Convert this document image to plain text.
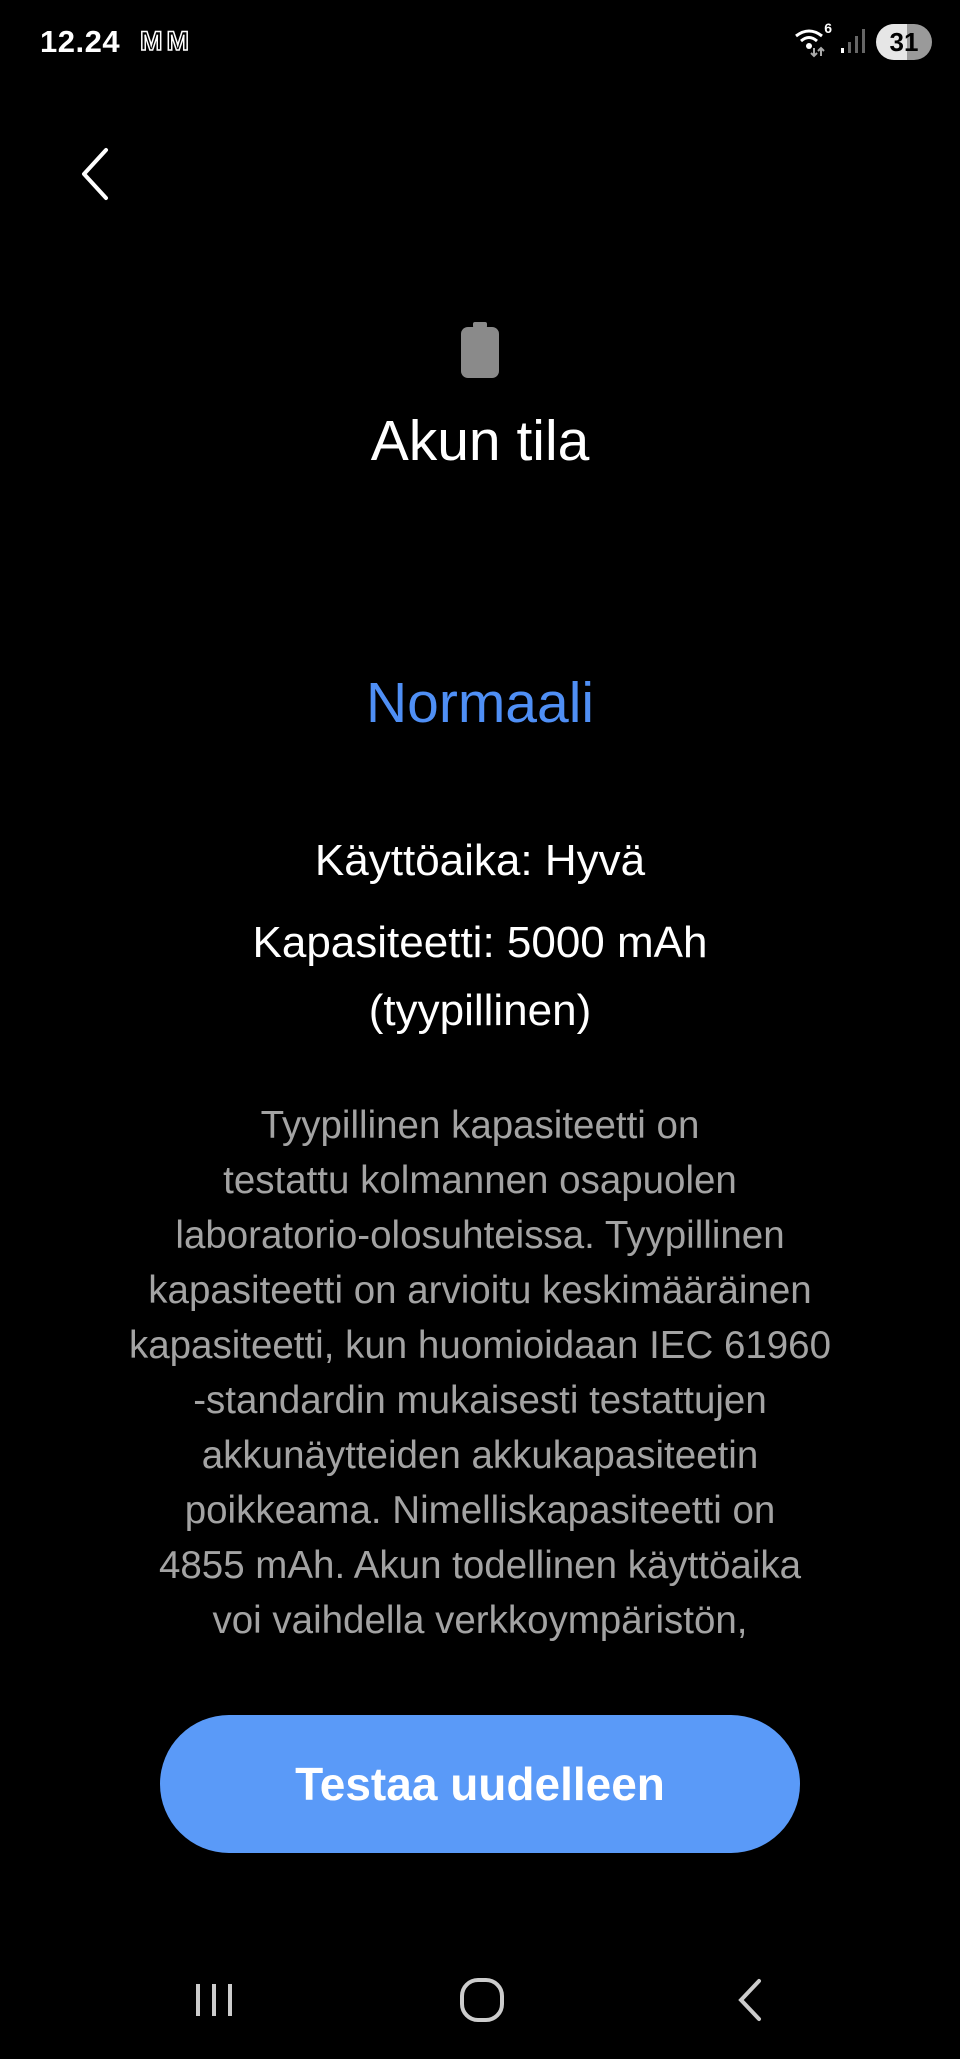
12.24 MM	6	31
Akun tila
Normaali
Käyttöaika: Hyvä
Kapasiteetti: 5000 mAh
(tyypillinen)
Tyypillinen kapasiteetti on
testattu kolmannen osapuolen
laboratorio-olosuhteissa. Tyypillinen
kapasiteetti on arvioitu keskimääräinen
kapasiteetti, kun huomioidaan IEC 61960
-standardin mukaisesti testattujen
akkunäytteiden akkukapasiteetin
poikkeama. Nimelliskapasiteetti on
4855 mAh. Akun todellinen käyttöaika
voi vaihdella verkkoympäristön,
Testaa uudelleen
